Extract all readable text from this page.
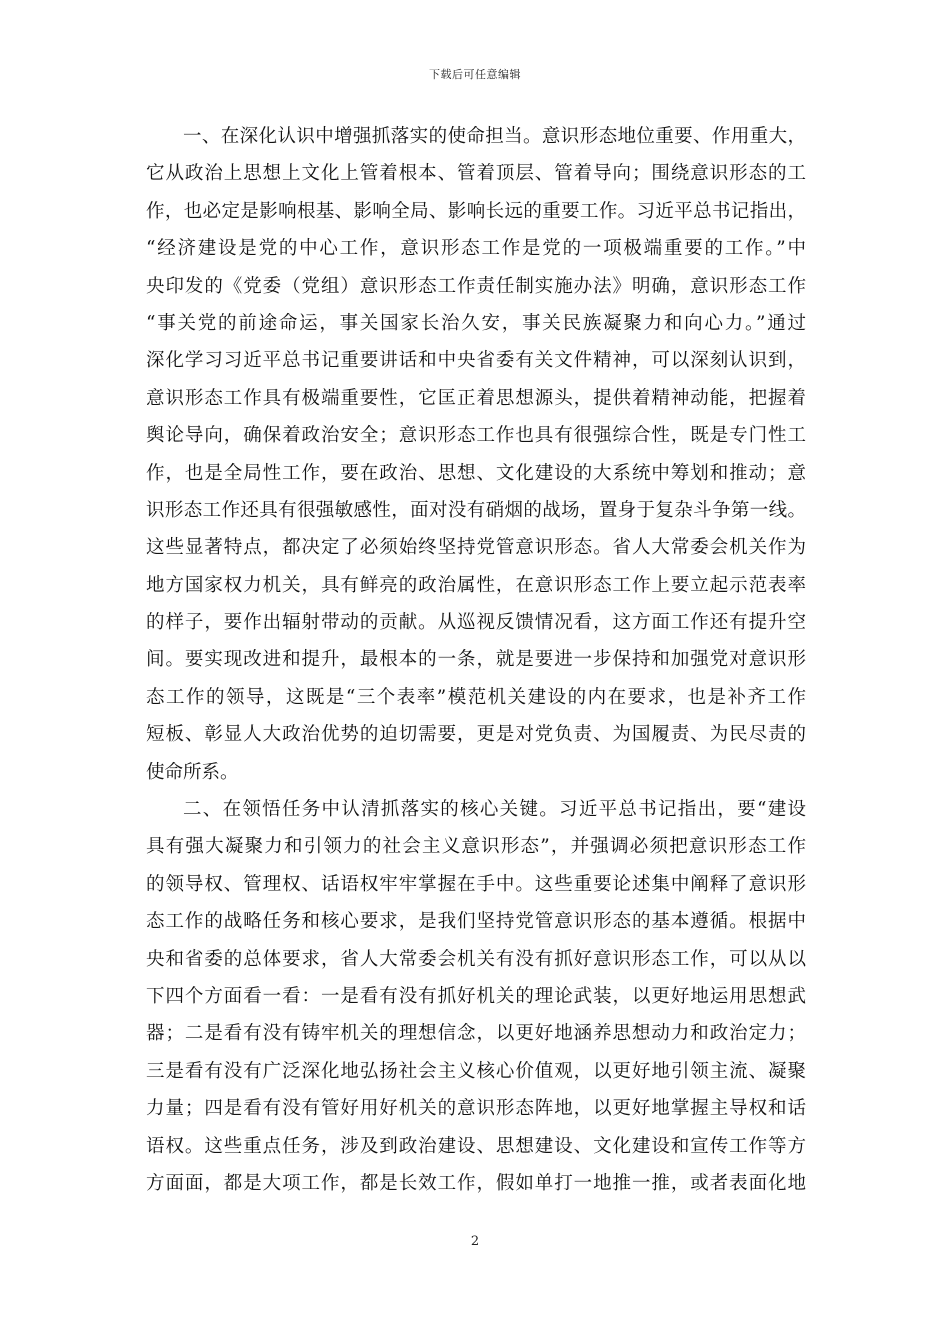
下载后可任意编辑
一、在深化认识中增强抓落实的使命担当。意识形态地位重要、作用重大，
它从政治上思想上文化上管着根本、管着顶层、管着导向；围绕意识形态的工
作，也必定是影响根基、影响全局、影响长远的重要工作。习近平总书记指出，
“经济建设是党的中心工作，意识形态工作是党的一项极端重要的工作。”中
央印发的《党委（党组）意识形态工作责任制实施办法》明确，意识形态工作
“事关党的前途命运，事关国家长治久安，事关民族凝聚力和向心力。”通过
深化学习习近平总书记重要讲话和中央省委有关文件精神，可以深刻认识到，
意识形态工作具有极端重要性，它匡正着思想源头，提供着精神动能，把握着
舆论导向，确保着政治安全；意识形态工作也具有很强综合性，既是专门性工
作，也是全局性工作，要在政治、思想、文化建设的大系统中筹划和推动；意
识形态工作还具有很强敏感性，面对没有硝烟的战场，置身于复杂斗争第一线。
这些显著特点，都决定了必须始终坚持党管意识形态。省人大常委会机关作为
地方国家权力机关，具有鲜亮的政治属性，在意识形态工作上要立起示范表率
的样子，要作出辐射带动的贡献。从巡视反馈情况看，这方面工作还有提升空
间。要实现改进和提升，最根本的一条，就是要进一步保持和加强党对意识形
态工作的领导，这既是“三个表率”模范机关建设的内在要求，也是补齐工作
短板、彰显人大政治优势的迫切需要，更是对党负责、为国履责、为民尽责的
使命所系。
二、在领悟任务中认清抓落实的核心关键。习近平总书记指出，要“建设
具有强大凝聚力和引领力的社会主义意识形态”，并强调必须把意识形态工作
的领导权、管理权、话语权牢牢掌握在手中。这些重要论述集中阐释了意识形
态工作的战略任务和核心要求，是我们坚持党管意识形态的基本遵循。根据中
央和省委的总体要求，省人大常委会机关有没有抓好意识形态工作，可以从以
下四个方面看一看：一是看有没有抓好机关的理论武装，以更好地运用思想武
器；二是看有没有铸牢机关的理想信念，以更好地涵养思想动力和政治定力；
三是看有没有广泛深化地弘扬社会主义核心价值观，以更好地引领主流、凝聚
力量；四是看有没有管好用好机关的意识形态阵地，以更好地掌握主导权和话
语权。这些重点任务，涉及到政治建设、思想建设、文化建设和宣传工作等方
方面面，都是大项工作，都是长效工作，假如单打一地推一推，或者表面化地
2
